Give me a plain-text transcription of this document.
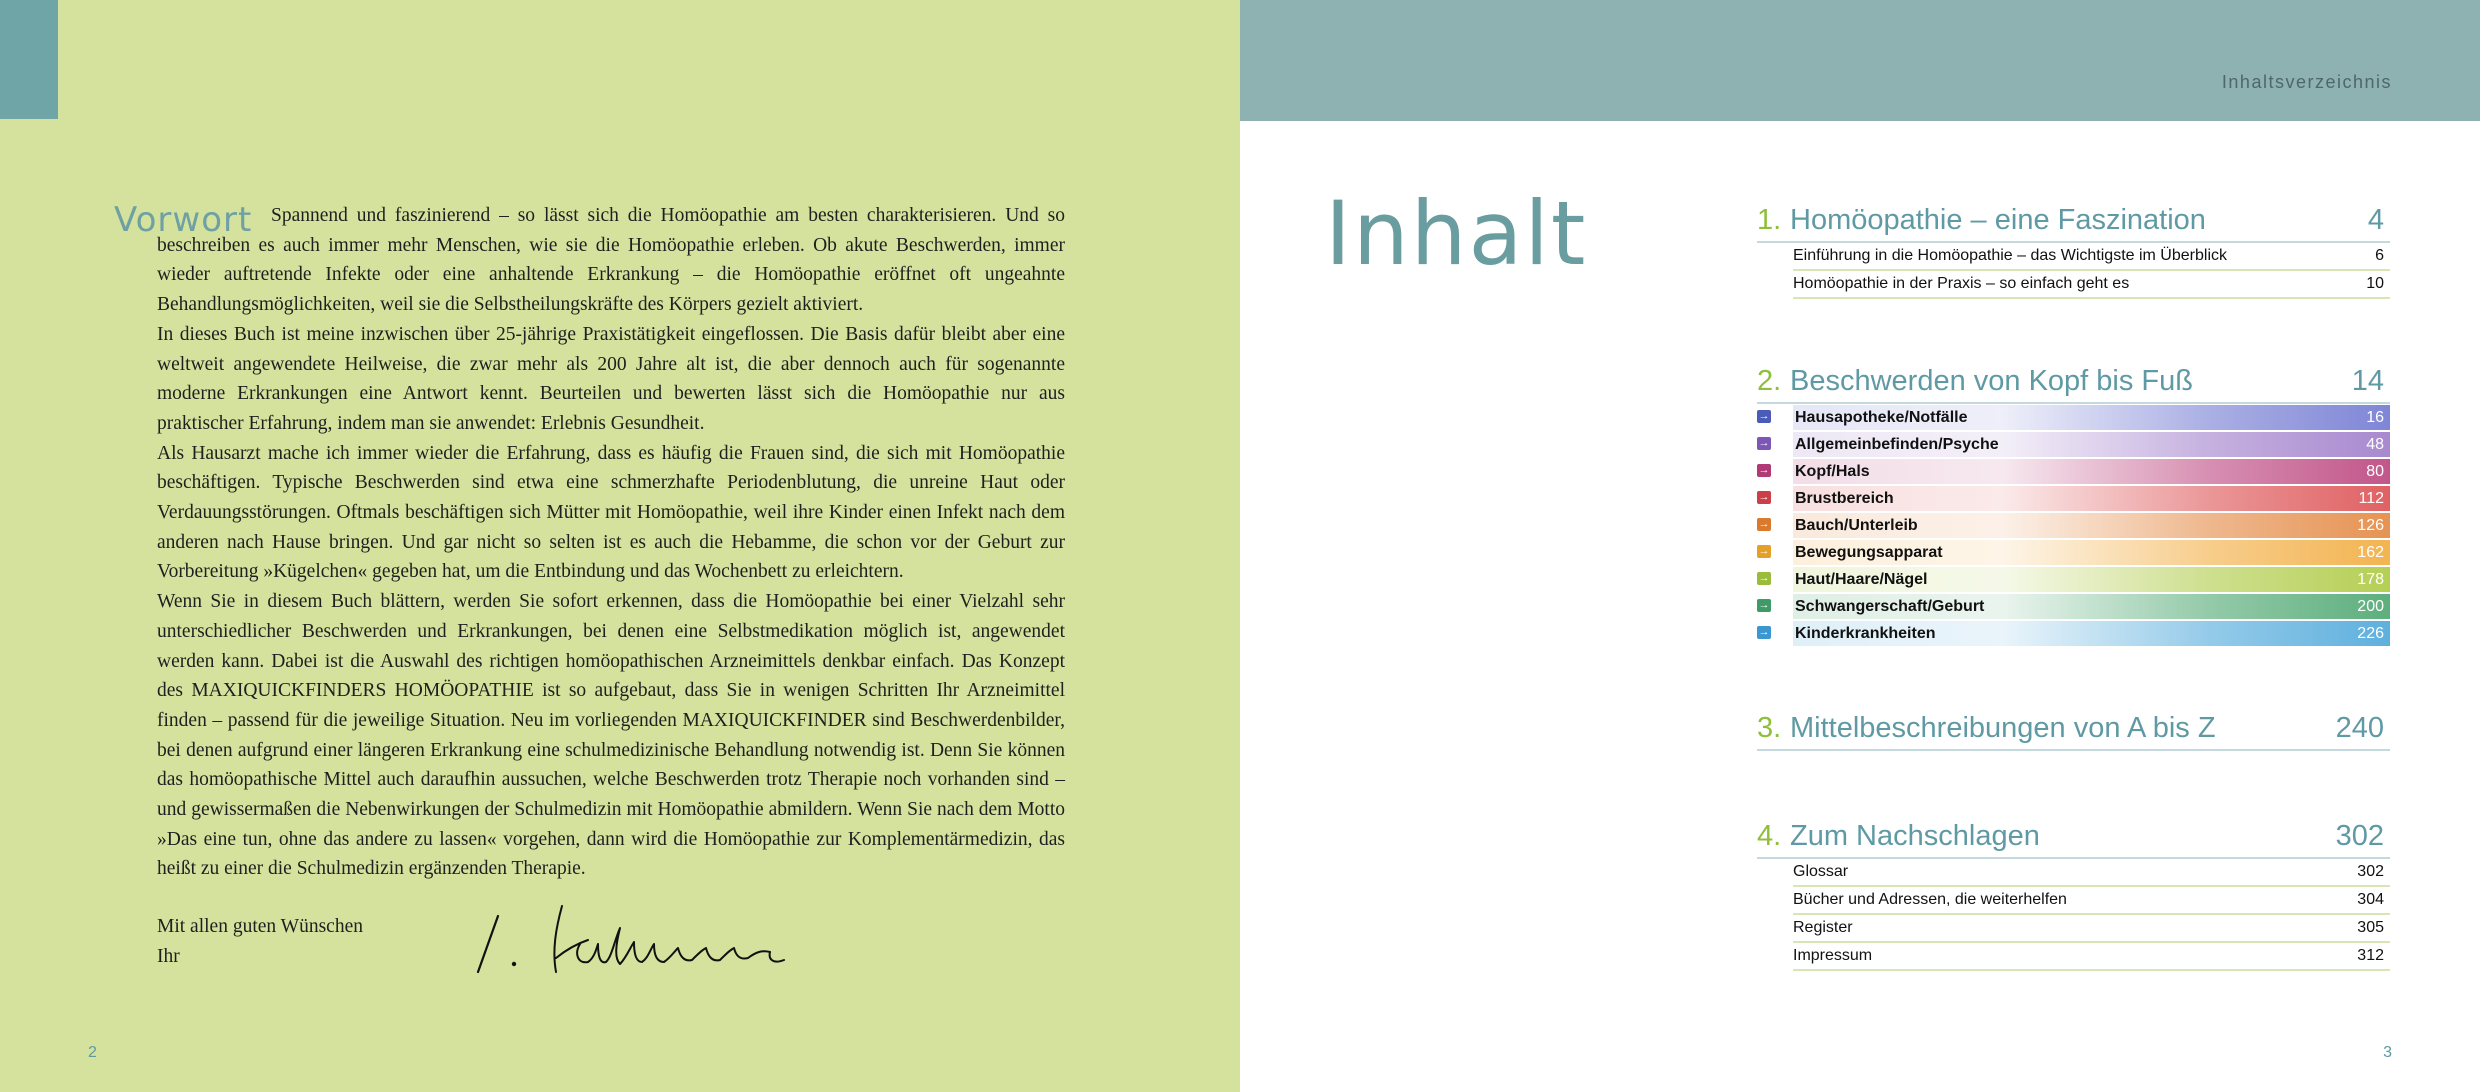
Vorwort Spannend und faszinierend – so lässt sich die Homöopathie am besten charakterisieren. Und so beschreiben es auch immer mehr Menschen, wie sie die Homöopathie erleben. Ob akute Beschwerden, immer wieder auftretende Infekte oder eine anhaltende Erkrankung – die Homöopathie eröffnet oft ungeahnte Behandlungsmöglichkeiten, weil sie die Selbstheilungskräfte des Körpers gezielt aktiviert.

In dieses Buch ist meine inzwischen über 25-jährige Praxistätigkeit eingeflossen. Die Basis dafür bleibt aber eine weltweit angewendete Heilweise, die zwar mehr als 200 Jahre alt ist, die aber dennoch auch für sogenannte moderne Erkrankungen eine Antwort kennt. Beurteilen und bewerten lässt sich die Homöopathie nur aus praktischer Erfahrung, indem man sie anwendet: Erlebnis Gesundheit.

Als Hausarzt mache ich immer wieder die Erfahrung, dass es häufig die Frauen sind, die sich mit Homöopathie beschäftigen. Typische Beschwerden sind etwa eine schmerzhafte Periodenblutung, die unreine Haut oder Verdauungsstörungen. Oftmals beschäftigen sich Mütter mit Homöopathie, weil ihre Kinder einen Infekt nach dem anderen nach Hause bringen. Und gar nicht so selten ist es auch die Hebamme, die schon vor der Geburt zur Vorbereitung »Kügelchen« gegeben hat, um die Entbindung und das Wochenbett zu erleichtern.

Wenn Sie in diesem Buch blättern, werden Sie sofort erkennen, dass die Homöopathie bei einer Vielzahl sehr unterschiedlicher Beschwerden und Erkrankungen, bei denen eine Selbstmedikation möglich ist, angewendet werden kann. Dabei ist die Auswahl des richtigen homöopathischen Arzneimittels denkbar einfach. Das Konzept des MAXIQUICKFINDERS HOMÖOPATHIE ist so aufgebaut, dass Sie in wenigen Schritten Ihr Arzneimittel finden – passend für die jeweilige Situation. Neu im vorliegenden MAXIQUICKFINDER sind Beschwerdenbilder, bei denen aufgrund einer längeren Erkrankung eine schulmedizinische Behandlung notwendig ist. Denn Sie können das homöopathische Mittel auch daraufhin aussuchen, welche Beschwerden trotz Therapie noch vorhanden sind – und gewissermaßen die Nebenwirkungen der Schulmedizin mit Homöopathie abmildern. Wenn Sie nach dem Motto »Das eine tun, ohne das andere zu lassen« vorgehen, dann wird die Homöopathie zur Komplementärmedizin, das heißt zu einer die Schulmedizin ergänzenden Therapie.

Mit allen guten Wünschen
Ihr
2
Inhaltsverzeichnis
Inhalt	1. Homöopathie – eine Faszination	4
Einführung in die Homöopathie – das Wichtigste im Überblick	6
Homöopathie in der Praxis – so einfach geht es	10
2. Beschwerden von Kopf bis Fuß	14
→ Hausapotheke/Notfälle	16
→ Allgemeinbefinden/Psyche	48
→ Kopf/Hals	80
→ Brustbereich	112
→ Bauch/Unterleib	126
→ Bewegungsapparat	162
→ Haut/Haare/Nägel	178
→ Schwangerschaft/Geburt	200
→ Kinderkrankheiten	226
3. Mittelbeschreibungen von A bis Z	240
4. Zum Nachschlagen	302
Glossar	302
Bücher und Adressen, die weiterhelfen	304
Register	305
Impressum	312
3
